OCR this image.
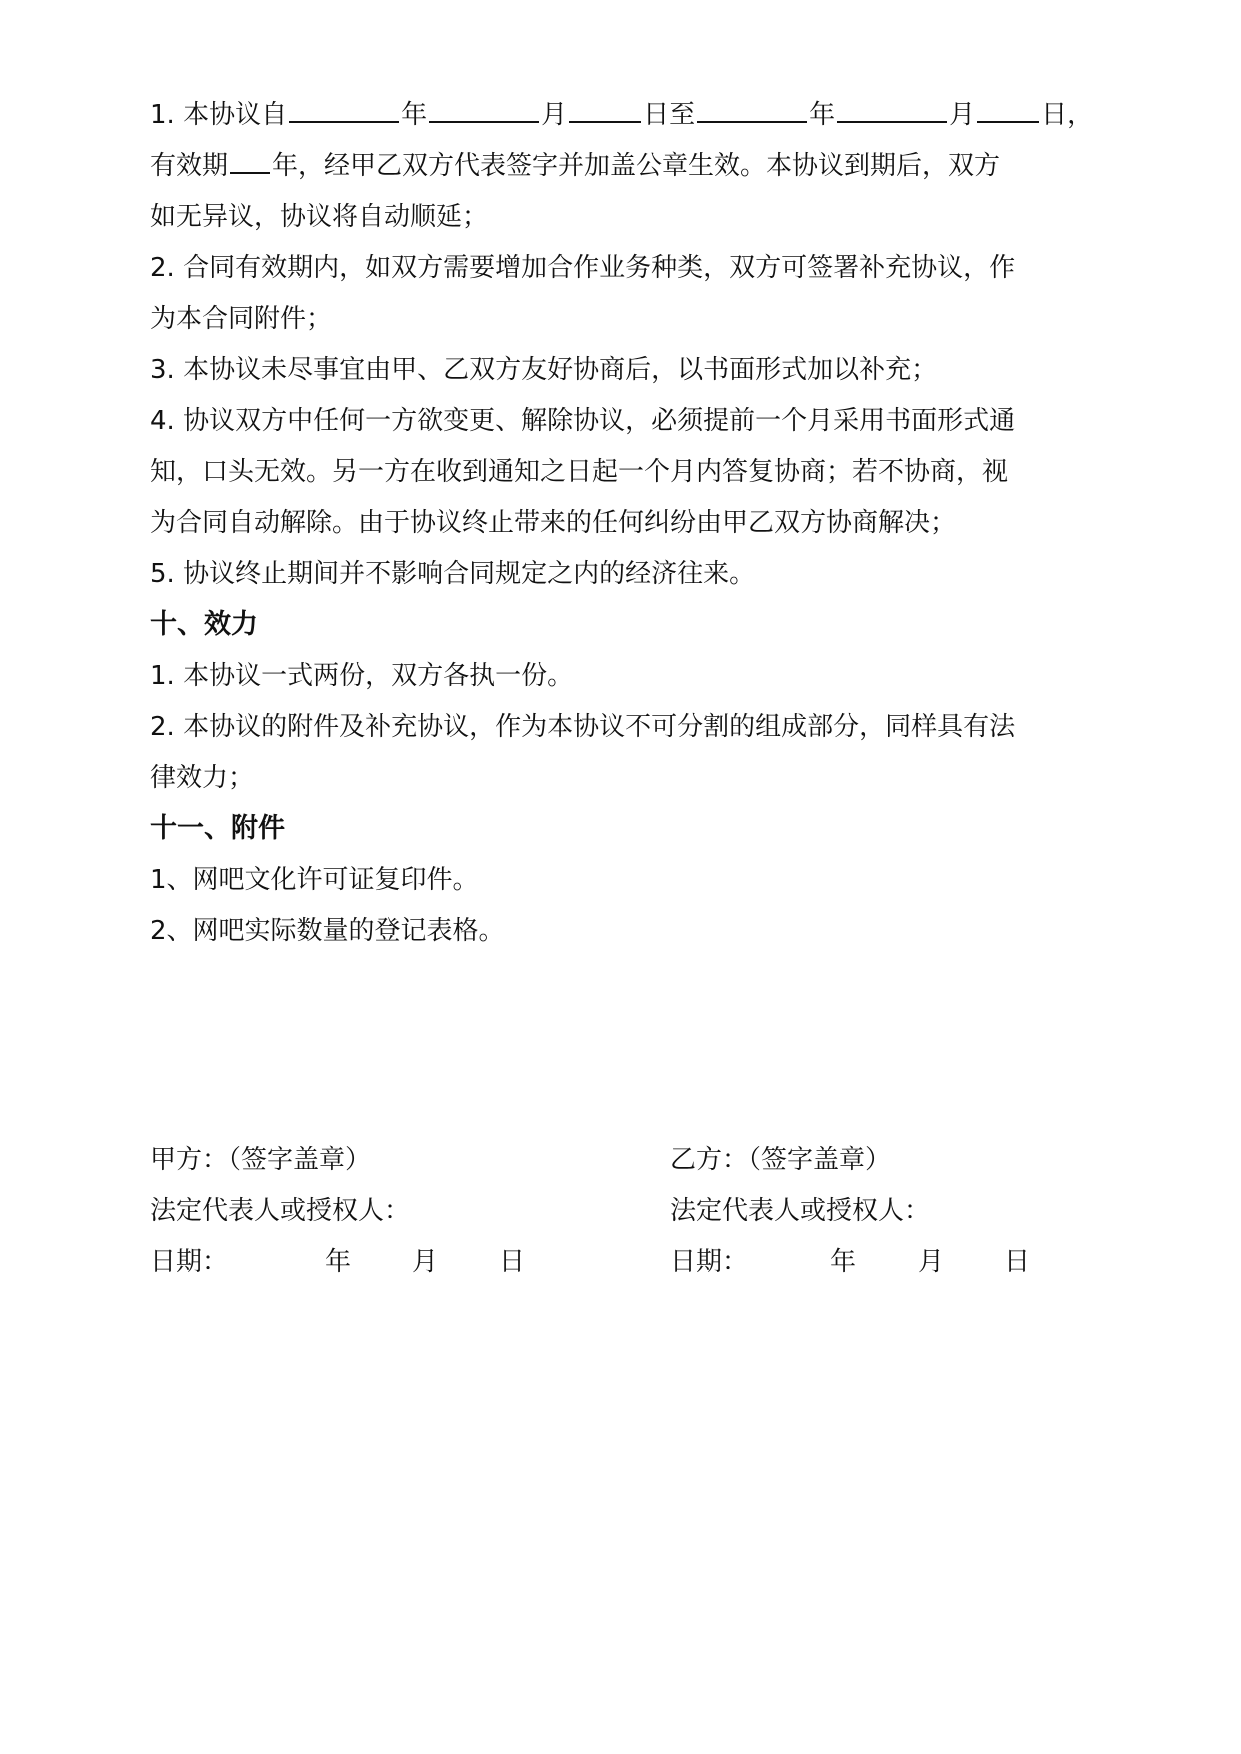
1. 本协议自	年	月	日至	年	月	日，
有效期 年，经甲乙双方代表签字并加盖公章生效。本协议到期后，双方
如无异议，协议将自动顺延；
2. 合同有效期内，如双方需要增加合作业务种类，双方可签署补充协议，作
为本合同附件；
3. 本协议未尽事宜由甲、乙双方友好协商后，以书面形式加以补充；
4. 协议双方中任何一方欲变更、解除协议，必须提前一个月采用书面形式通
知，口头无效。另一方在收到通知之日起一个月内答复协商；若不协商，视
为合同自动解除。由于协议终止带来的任何纠纷由甲乙双方协商解决；
5. 协议终止期间并不影响合同规定之内的经济往来。
十、效力
1. 本协议一式两份，双方各执一份。
2. 本协议的附件及补充协议，作为本协议不可分割的组成部分，同样具有法
律效力；
十一、附件
1、网吧文化许可证复印件。
2、网吧实际数量的登记表格。
甲方：（签字盖章）
法定代表人或授权人：
日期：	年 月 日
乙方：（签字盖章）
法定代表人或授权人：
日期：	年 月 日
